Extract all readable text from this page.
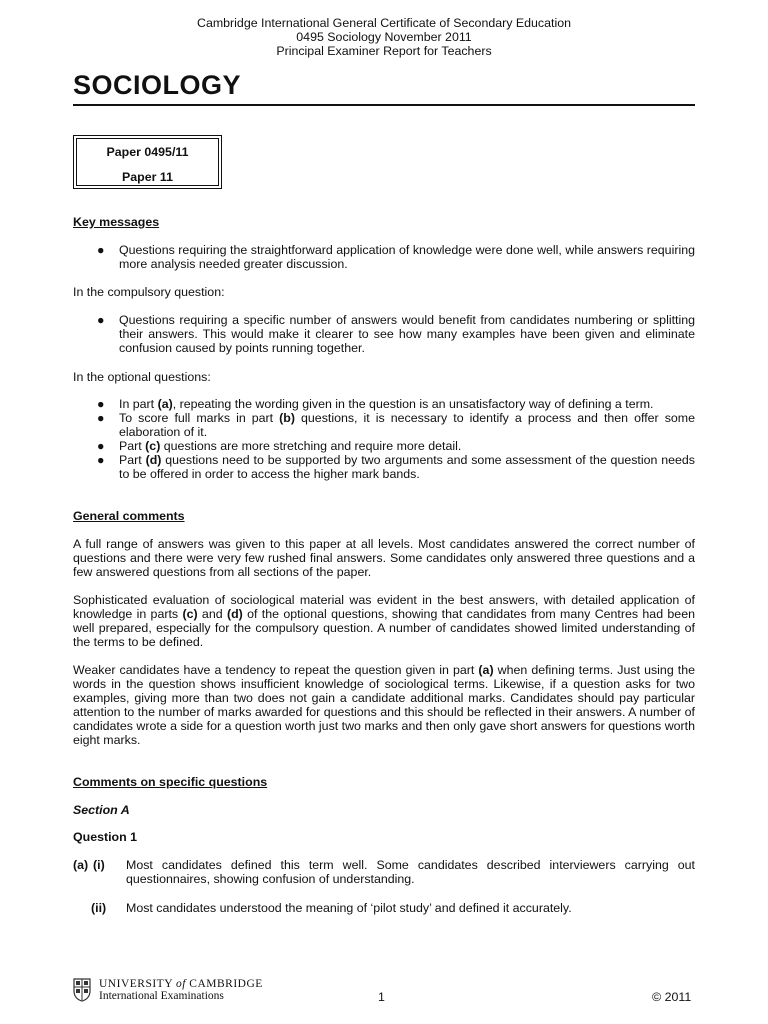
Cambridge International General Certificate of Secondary Education
0495 Sociology November 2011
Principal Examiner Report for Teachers
SOCIOLOGY
Paper 0495/11
Paper 11
Key messages
●	Questions requiring the straightforward application of knowledge were done well, while answers requiring more analysis needed greater discussion.
In the compulsory question:
●	Questions requiring a specific number of answers would benefit from candidates numbering or splitting their answers. This would make it clearer to see how many examples have been given and eliminate confusion caused by points running together.
In the optional questions:
●	In part (a), repeating the wording given in the question is an unsatisfactory way of defining a term.
●	To score full marks in part (b) questions, it is necessary to identify a process and then offer some elaboration of it.
●	Part (c) questions are more stretching and require more detail.
●	Part (d) questions need to be supported by two arguments and some assessment of the question needs to be offered in order to access the higher mark bands.
General comments
A full range of answers was given to this paper at all levels. Most candidates answered the correct number of questions and there were very few rushed final answers. Some candidates only answered three questions and a few answered questions from all sections of the paper.
Sophisticated evaluation of sociological material was evident in the best answers, with detailed application of knowledge in parts (c) and (d) of the optional questions, showing that candidates from many Centres had been well prepared, especially for the compulsory question. A number of candidates showed limited understanding of the terms to be defined.
Weaker candidates have a tendency to repeat the question given in part (a) when defining terms. Just using the words in the question shows insufficient knowledge of sociological terms. Likewise, if a question asks for two examples, giving more than two does not gain a candidate additional marks. Candidates should pay particular attention to the number of marks awarded for questions and this should be reflected in their answers. A number of candidates wrote a side for a question worth just two marks and then only gave short answers for questions worth eight marks.
Comments on specific questions
Section A
Question 1
(a) (i) Most candidates defined this term well. Some candidates described interviewers carrying out questionnaires, showing confusion of understanding.
(ii) Most candidates understood the meaning of ‘pilot study’ and defined it accurately.
UNIVERSITY of CAMBRIDGE
International Examinations	1	© 2011
